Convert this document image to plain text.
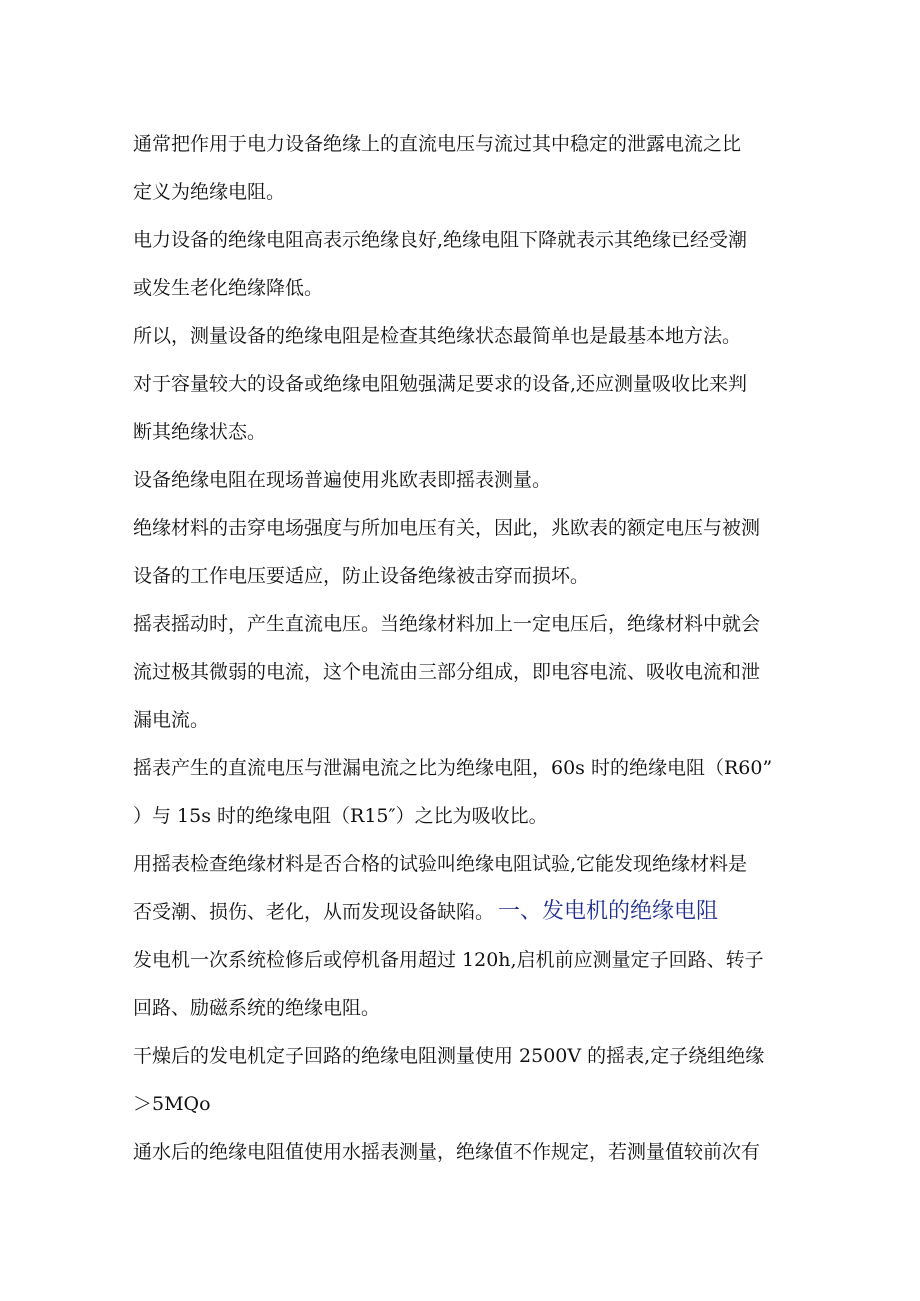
通常把作用于电力设备绝缘上的直流电压与流过其中稳定的泄露电流之比
定义为绝缘电阻。
电力设备的绝缘电阻高表示绝缘良好,绝缘电阻下降就表示其绝缘已经受潮
或发生老化绝缘降低。
所以，测量设备的绝缘电阻是检查其绝缘状态最简单也是最基本地方法。
对于容量较大的设备或绝缘电阻勉强满足要求的设备,还应测量吸收比来判
断其绝缘状态。
设备绝缘电阻在现场普遍使用兆欧表即摇表测量。
绝缘材料的击穿电场强度与所加电压有关，因此，兆欧表的额定电压与被测
设备的工作电压要适应，防止设备绝缘被击穿而损坏。
摇表摇动时，产生直流电压。当绝缘材料加上一定电压后，绝缘材料中就会
流过极其微弱的电流，这个电流由三部分组成，即电容电流、吸收电流和泄
漏电流。
摇表产生的直流电压与泄漏电流之比为绝缘电阻，60s 时的绝缘电阻（R60”
）与 15s 时的绝缘电阻（R15″）之比为吸收比。
用摇表检查绝缘材料是否合格的试验叫绝缘电阻试验,它能发现绝缘材料是
否受潮、损伤、老化，从而发现设备缺陷。 一、发电机的绝缘电阻
发电机一次系统检修后或停机备用超过 120h,启机前应测量定子回路、转子
回路、励磁系统的绝缘电阻。
干燥后的发电机定子回路的绝缘电阻测量使用 2500V 的摇表,定子绕组绝缘
＞5MQo
通水后的绝缘电阻值使用水摇表测量，绝缘值不作规定，若测量值较前次有
